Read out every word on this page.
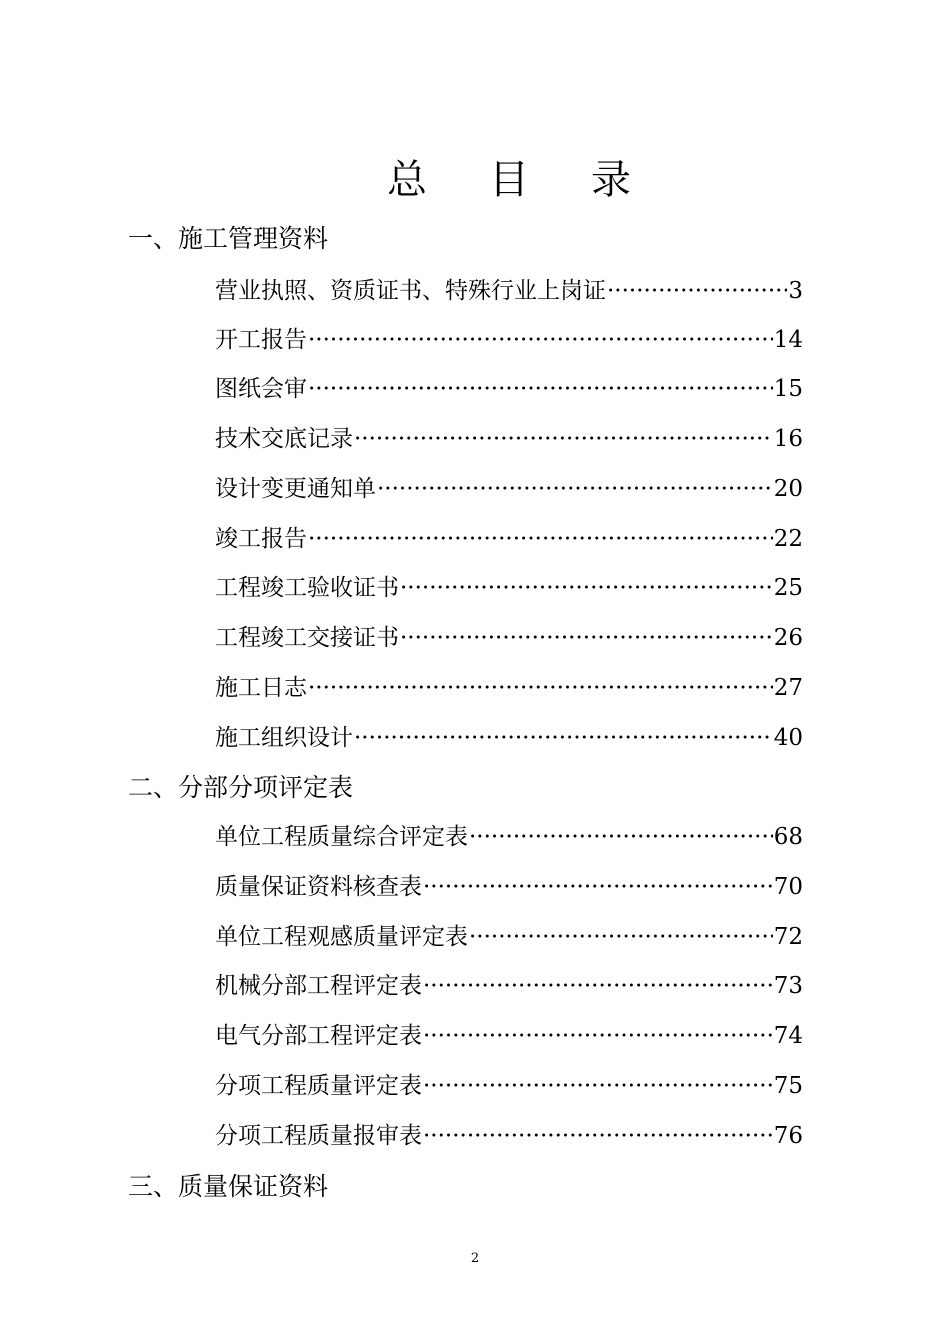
总 目 录
一、施工管理资料
营业执照、资质证书、特殊行业上岗证 ·····	3
开工报告 ·····	14
图纸会审 ·····	15
技术交底记录 ·····	16
设计变更通知单 ·····	20
竣工报告 ·····	22
工程竣工验收证书 ·····	25
工程竣工交接证书 ·····	26
施工日志 ·····	27
施工组织设计 ·····	40
二、分部分项评定表
单位工程质量综合评定表 ·····	68
质量保证资料核查表 ·····	70
单位工程观感质量评定表 ·····	72
机械分部工程评定表 ·····	73
电气分部工程评定表 ·····	74
分项工程质量评定表 ·····	75
分项工程质量报审表 ·····	76
三、质量保证资料
2
